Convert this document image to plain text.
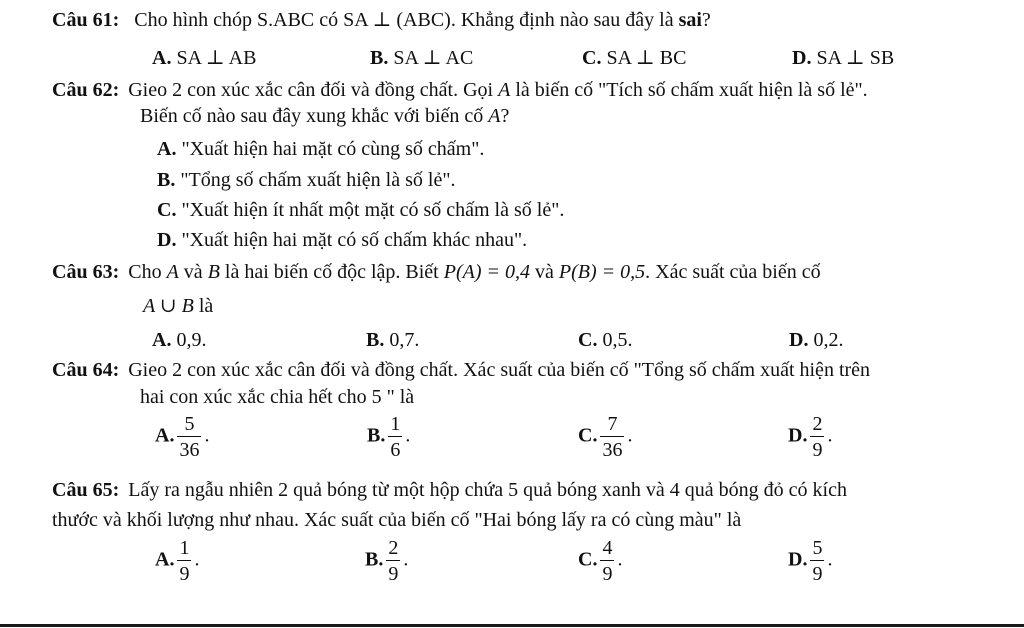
Câu 61: Cho hình chóp S.ABC có SA ⊥ (ABC). Khẳng định nào sau đây là sai?
A. SA ⊥ AB	B. SA ⊥ AC	C. SA ⊥ BC	D. SA ⊥ SB
Câu 62: Gieo 2 con xúc xắc cân đối và đồng chất. Gọi A là biến cố "Tích số chấm xuất hiện là số lẻ".
Biến cố nào sau đây xung khắc với biến cố A?
A. "Xuất hiện hai mặt có cùng số chấm".
B. "Tổng số chấm xuất hiện là số lẻ".
C. "Xuất hiện ít nhất một mặt có số chấm là số lẻ".
D. "Xuất hiện hai mặt có số chấm khác nhau".
Câu 63: Cho A và B là hai biến cố độc lập. Biết P(A) = 0,4 và P(B) = 0,5. Xác suất của biến cố
A ∪ B là
A. 0,9.	B. 0,7.	C. 0,5.	D. 0,2.
Câu 64: Gieo 2 con xúc xắc cân đối và đồng chất. Xác suất của biến cố "Tổng số chấm xuất hiện trên
hai con xúc xắc chia hết cho 5 " là
A. $\frac{5}{36}$ .	B. $\frac{1}{6}$ .	C. $\frac{7}{36}$ .	D. $\frac{2}{9}$ .
Câu 65: Lấy ra ngẫu nhiên 2 quả bóng từ một hộp chứa 5 quả bóng xanh và 4 quả bóng đỏ có kích
thước và khối lượng như nhau. Xác suất của biến cố "Hai bóng lấy ra có cùng màu" là
A. $\frac{1}{9}$ .	B. $\frac{2}{9}$ .	C. $\frac{4}{9}$ .	D. $\frac{5}{9}$ .
